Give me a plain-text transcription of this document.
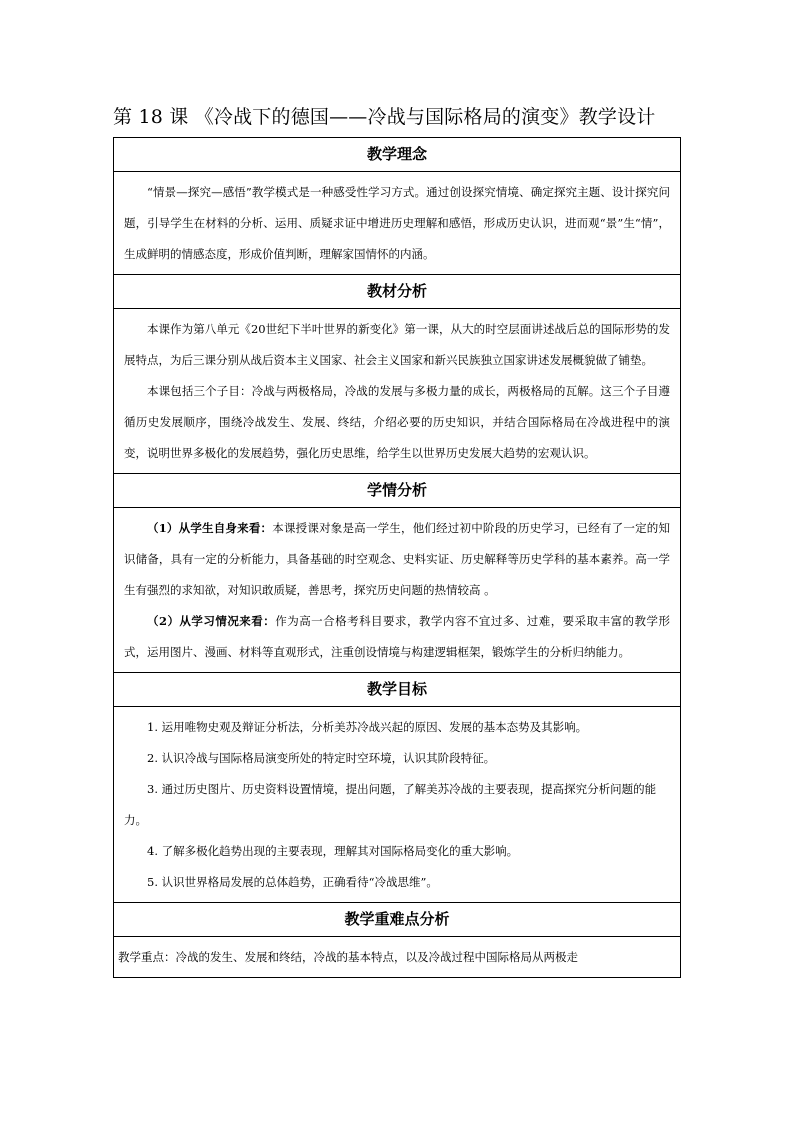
第 18 课 《冷战下的德国——冷战与国际格局的演变》教学设计
教学理念

“情景—探究—感悟”教学模式是一种感受性学习方式。通过创设探究情境、确定探究主题、设计探究问题，引导学生在材料的分析、运用、质疑求证中增进历史理解和感悟，形成历史认识，进而观“景”生“情”，生成鲜明的情感态度，形成价值判断，理解家国情怀的内涵。

教材分析

本课作为第八单元《20世纪下半叶世界的新变化》第一课，从大的时空层面讲述战后总的国际形势的发展特点，为后三课分别从战后资本主义国家、社会主义国家和新兴民族独立国家讲述发展概貌做了铺垫。

本课包括三个子目：冷战与两极格局，冷战的发展与多极力量的成长，两极格局的瓦解。这三个子目遵循历史发展顺序，围绕冷战发生、发展、终结，介绍必要的历史知识，并结合国际格局在冷战进程中的演变，说明世界多极化的发展趋势，强化历史思维，给学生以世界历史发展大趋势的宏观认识。

学情分析

（1）从学生自身来看：本课授课对象是高一学生，他们经过初中阶段的历史学习，已经有了一定的知识储备，具有一定的分析能力，具备基础的时空观念、史料实证、历史解释等历史学科的基本素养。高一学生有强烈的求知欲，对知识敢质疑，善思考，探究历史问题的热情较高 。

（2）从学习情况来看：作为高一合格考科目要求，教学内容不宜过多、过难，要采取丰富的教学形式，运用图片、漫画、材料等直观形式，注重创设情境与构建逻辑框架，锻炼学生的分析归纳能力。

教学目标

1. 运用唯物史观及辩证分析法，分析美苏冷战兴起的原因、发展的基本态势及其影响。

2. 认识冷战与国际格局演变所处的特定时空环境，认识其阶段特征。

3. 通过历史图片、历史资料设置情境，提出问题，了解美苏冷战的主要表现，提高探究分析问题的能力。

4. 了解多极化趋势出现的主要表现，理解其对国际格局变化的重大影响。

5. 认识世界格局发展的总体趋势，正确看待“冷战思维”。

教学重难点分析

教学重点：冷战的发生、发展和终结，冷战的基本特点，以及冷战过程中国际格局从两极走
